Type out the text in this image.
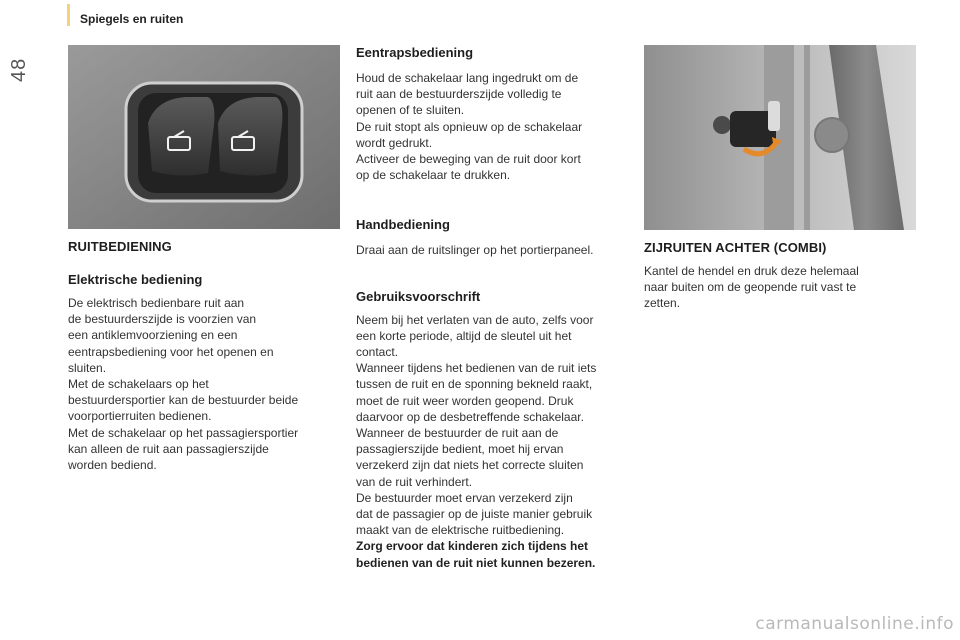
48
Spiegels en ruiten
RUITBEDIENING
Elektrische bediening

De elektrisch bedienbare ruit aan
de bestuurderszijde is voorzien van
een antiklemvoorziening en een
eentrapsbediening voor het openen en
sluiten.
Met de schakelaars op het
bestuurdersportier kan de bestuurder beide
voorportierruiten bedienen.
Met de schakelaar op het passagiersportier
kan alleen de ruit aan passagierszijde
worden bediend.

Eentrapsbediening

Houd de schakelaar lang ingedrukt om de
ruit aan de bestuurderszijde volledig te
openen of te sluiten.
De ruit stopt als opnieuw op de schakelaar
wordt gedrukt.
Activeer de beweging van de ruit door kort
op de schakelaar te drukken.

Handbediening

Draai aan de ruitslinger op het portierpaneel.

Gebruiksvoorschrift

Neem bij het verlaten van de auto, zelfs voor
een korte periode, altijd de sleutel uit het
contact.
Wanneer tijdens het bedienen van de ruit iets
tussen de ruit en de sponning bekneld raakt,
moet de ruit weer worden geopend. Druk
daarvoor op de desbetreffende schakelaar.
Wanneer de bestuurder de ruit aan de
passagierszijde bedient, moet hij ervan
verzekerd zijn dat niets het correcte sluiten
van de ruit verhindert.
De bestuurder moet ervan verzekerd zijn
dat de passagier op de juiste manier gebruik
maakt van de elektrische ruitbediening.

Zorg ervoor dat kinderen zich tijdens het
bedienen van de ruit niet kunnen bezeren.

ZIJRUITEN ACHTER (COMBI)

Kantel de hendel en druk deze helemaal
naar buiten om de geopende ruit vast te
zetten.

carmanualsonline.info
